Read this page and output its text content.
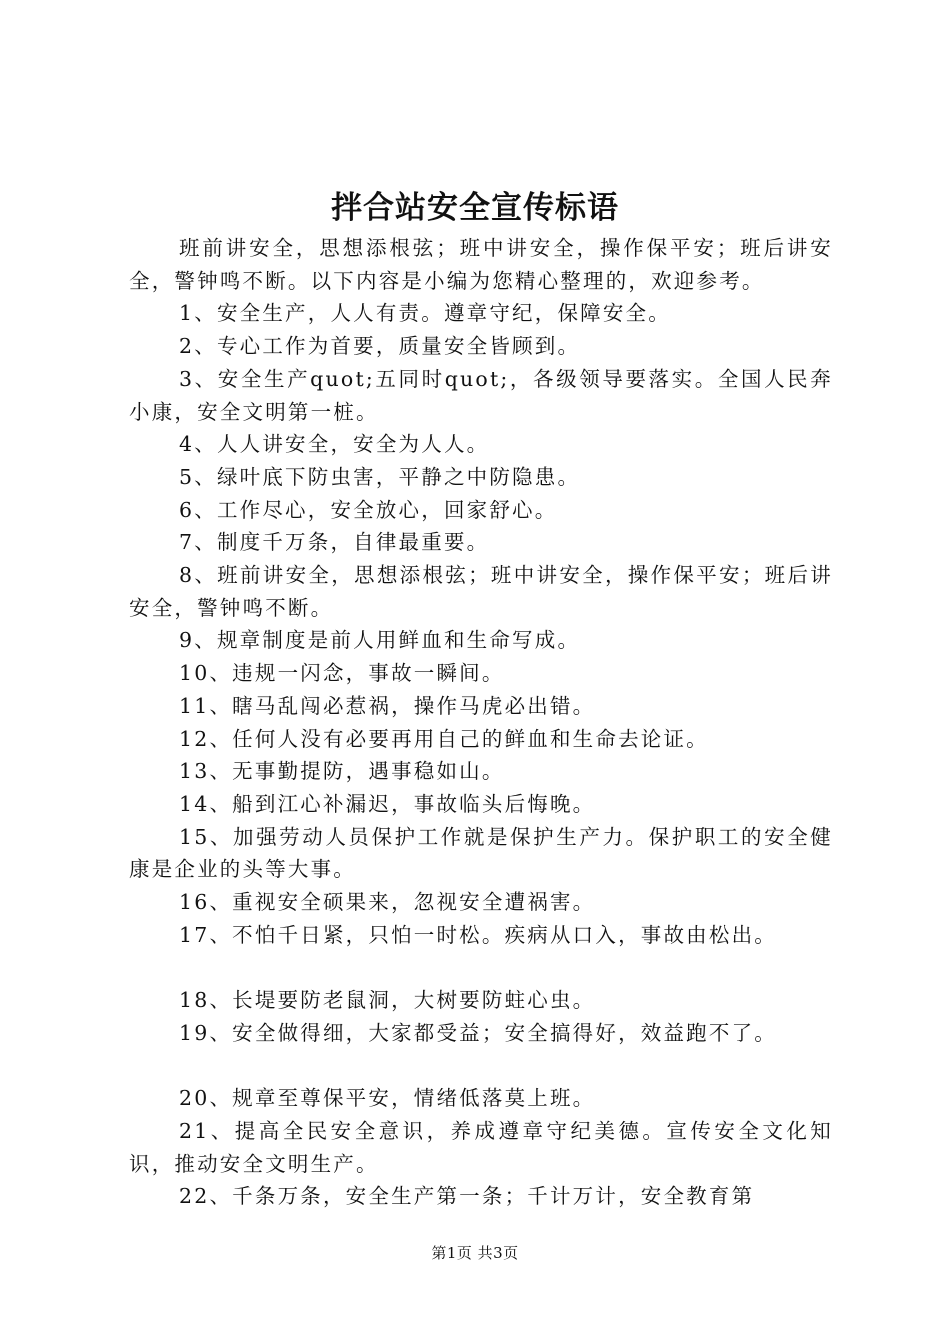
拌合站安全宣传标语

班前讲安全，思想添根弦；班中讲安全，操作保平安；班后讲安全，警钟鸣不断。以下内容是小编为您精心整理的，欢迎参考。

1、安全生产，人人有责。遵章守纪，保障安全。

2、专心工作为首要，质量安全皆顾到。

3、安全生产quot;五同时quot;，各级领导要落实。全国人民奔小康，安全文明第一桩。

4、人人讲安全，安全为人人。

5、绿叶底下防虫害，平静之中防隐患。

6、工作尽心，安全放心，回家舒心。

7、制度千万条，自律最重要。

8、班前讲安全，思想添根弦；班中讲安全，操作保平安；班后讲安全，警钟鸣不断。

9、规章制度是前人用鲜血和生命写成。

10、违规一闪念，事故一瞬间。

11、瞎马乱闯必惹祸，操作马虎必出错。

12、任何人没有必要再用自己的鲜血和生命去论证。

13、无事勤提防，遇事稳如山。

14、船到江心补漏迟，事故临头后悔晚。

15、加强劳动人员保护工作就是保护生产力。保护职工的安全健康是企业的头等大事。

16、重视安全硕果来，忽视安全遭祸害。

17、不怕千日紧，只怕一时松。疾病从口入，事故由松出。

18、长堤要防老鼠洞，大树要防蛀心虫。

19、安全做得细，大家都受益；安全搞得好，效益跑不了。

20、规章至尊保平安，情绪低落莫上班。

21、提高全民安全意识，养成遵章守纪美德。宣传安全文化知识，推动安全文明生产。

22、千条万条，安全生产第一条；千计万计，安全教育第

第1页 共3页
